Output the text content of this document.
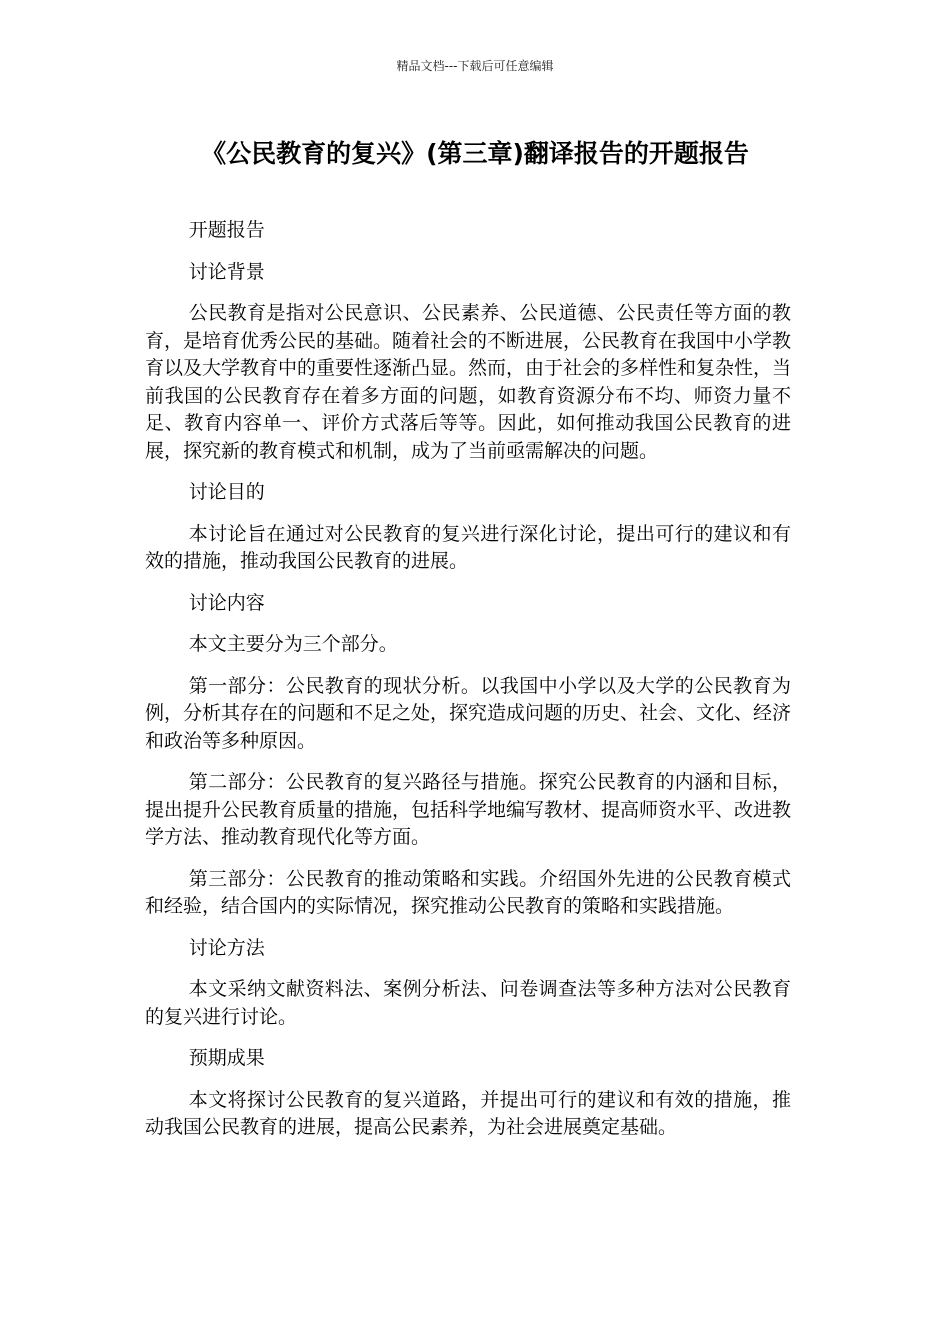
精品文档---下载后可任意编辑
《公民教育的复兴》(第三章)翻译报告的开题报告

开题报告

讨论背景

公民教育是指对公民意识、公民素养、公民道德、公民责任等方面的教育，是培育优秀公民的基础。随着社会的不断进展，公民教育在我国中小学教育以及大学教育中的重要性逐渐凸显。然而，由于社会的多样性和复杂性，当前我国的公民教育存在着多方面的问题，如教育资源分布不均、师资力量不足、教育内容单一、评价方式落后等等。因此，如何推动我国公民教育的进展，探究新的教育模式和机制，成为了当前亟需解决的问题。

讨论目的

本讨论旨在通过对公民教育的复兴进行深化讨论，提出可行的建议和有效的措施，推动我国公民教育的进展。

讨论内容

本文主要分为三个部分。

第一部分：公民教育的现状分析。以我国中小学以及大学的公民教育为例，分析其存在的问题和不足之处，探究造成问题的历史、社会、文化、经济和政治等多种原因。

第二部分：公民教育的复兴路径与措施。探究公民教育的内涵和目标，提出提升公民教育质量的措施，包括科学地编写教材、提高师资水平、改进教学方法、推动教育现代化等方面。

第三部分：公民教育的推动策略和实践。介绍国外先进的公民教育模式和经验，结合国内的实际情况，探究推动公民教育的策略和实践措施。

讨论方法

本文采纳文献资料法、案例分析法、问卷调查法等多种方法对公民教育的复兴进行讨论。

预期成果

本文将探讨公民教育的复兴道路，并提出可行的建议和有效的措施，推动我国公民教育的进展，提高公民素养，为社会进展奠定基础。
